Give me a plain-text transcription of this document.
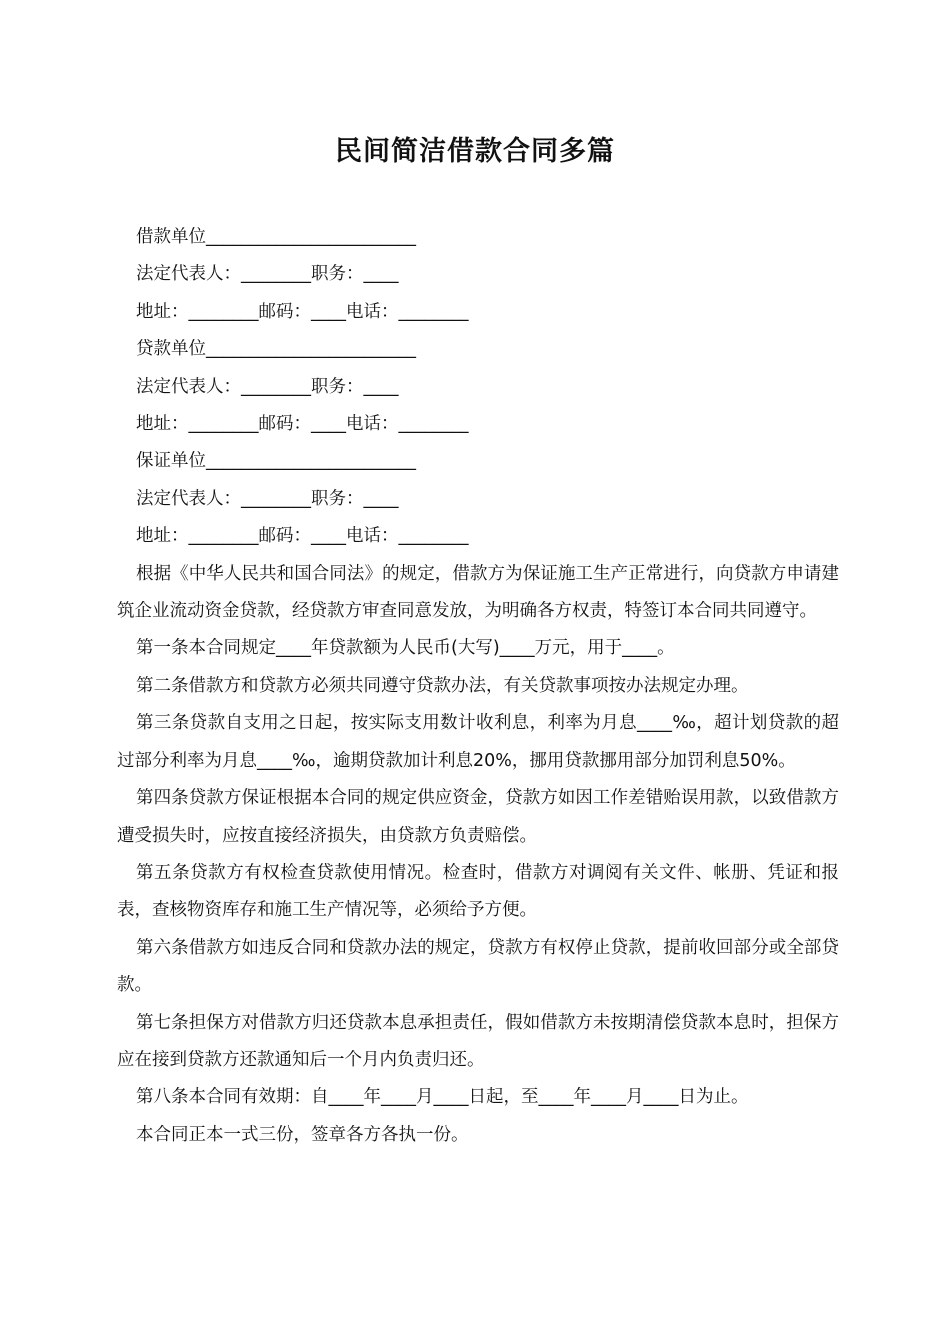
民间简洁借款合同多篇

借款单位________________________

法定代表人：________职务：____

地址：________邮码：____电话：________

贷款单位________________________

法定代表人：________职务：____

地址：________邮码：____电话：________

保证单位________________________

法定代表人：________职务：____

地址：________邮码：____电话：________

根据《中华人民共和国合同法》的规定，借款方为保证施工生产正常进行，向贷款方申请建筑企业流动资金贷款，经贷款方审查同意发放，为明确各方权责，特签订本合同共同遵守。

第一条本合同规定____年贷款额为人民币(大写)____万元，用于____。

第二条借款方和贷款方必须共同遵守贷款办法，有关贷款事项按办法规定办理。

第三条贷款自支用之日起，按实际支用数计收利息，利率为月息____‰，超计划贷款的超过部分利率为月息____‰，逾期贷款加计利息20%，挪用贷款挪用部分加罚利息50%。

第四条贷款方保证根据本合同的规定供应资金，贷款方如因工作差错贻误用款，以致借款方遭受损失时，应按直接经济损失，由贷款方负责赔偿。

第五条贷款方有权检查贷款使用情况。检查时，借款方对调阅有关文件、帐册、凭证和报表，查核物资库存和施工生产情况等，必须给予方便。

第六条借款方如违反合同和贷款办法的规定，贷款方有权停止贷款，提前收回部分或全部贷款。

第七条担保方对借款方归还贷款本息承担责任，假如借款方未按期清偿贷款本息时，担保方应在接到贷款方还款通知后一个月内负责归还。

第八条本合同有效期：自____年____月____日起，至____年____月____日为止。

本合同正本一式三份，签章各方各执一份。
